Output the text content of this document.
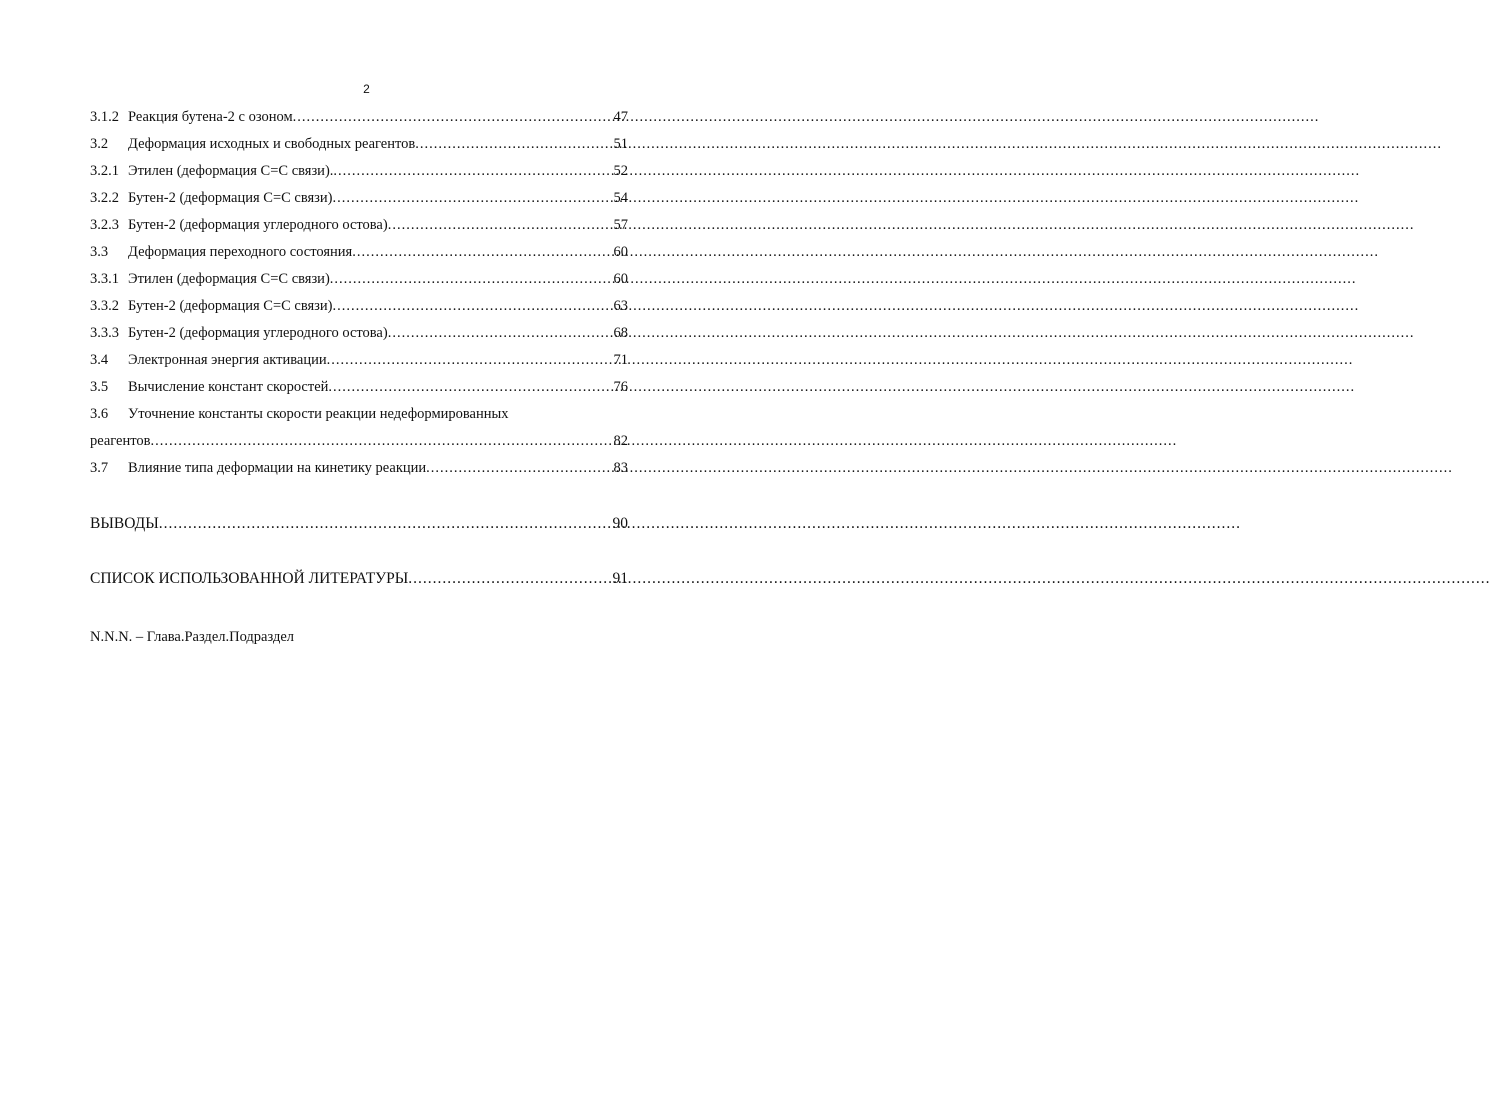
2
3.1.2 Реакция бутена-2 с озоном .....	47
3.2	Деформация исходных и свободных реагентов .....	51
3.2.1 Этилен (деформация С=С связи). .....	52
3.2.2 Бутен-2 (деформация С=С связи) .....	54
3.2.3 Бутен-2 (деформация углеродного остова) .....	57
3.3	Деформация переходного состояния .....	60
3.3.1 Этилен (деформация С=С связи) .....	60
3.3.2 Бутен-2 (деформация С=С связи) .....	63
3.3.3 Бутен-2 (деформация углеродного остова) .....	68
3.4	Электронная энергия активации .....	71
3.5	Вычисление констант скоростей .....	76
3.6 Уточнение константы скорости реакции недеформированных
реагентов .....	82
3.7	Влияние типа деформации на кинетику реакции .....	83
ВЫВОДЫ .....	90
СПИСОК ИСПОЛЬЗОВАННОЙ ЛИТЕРАТУРЫ .....	91
N.N.N. – Глава.Раздел.Подраздел
